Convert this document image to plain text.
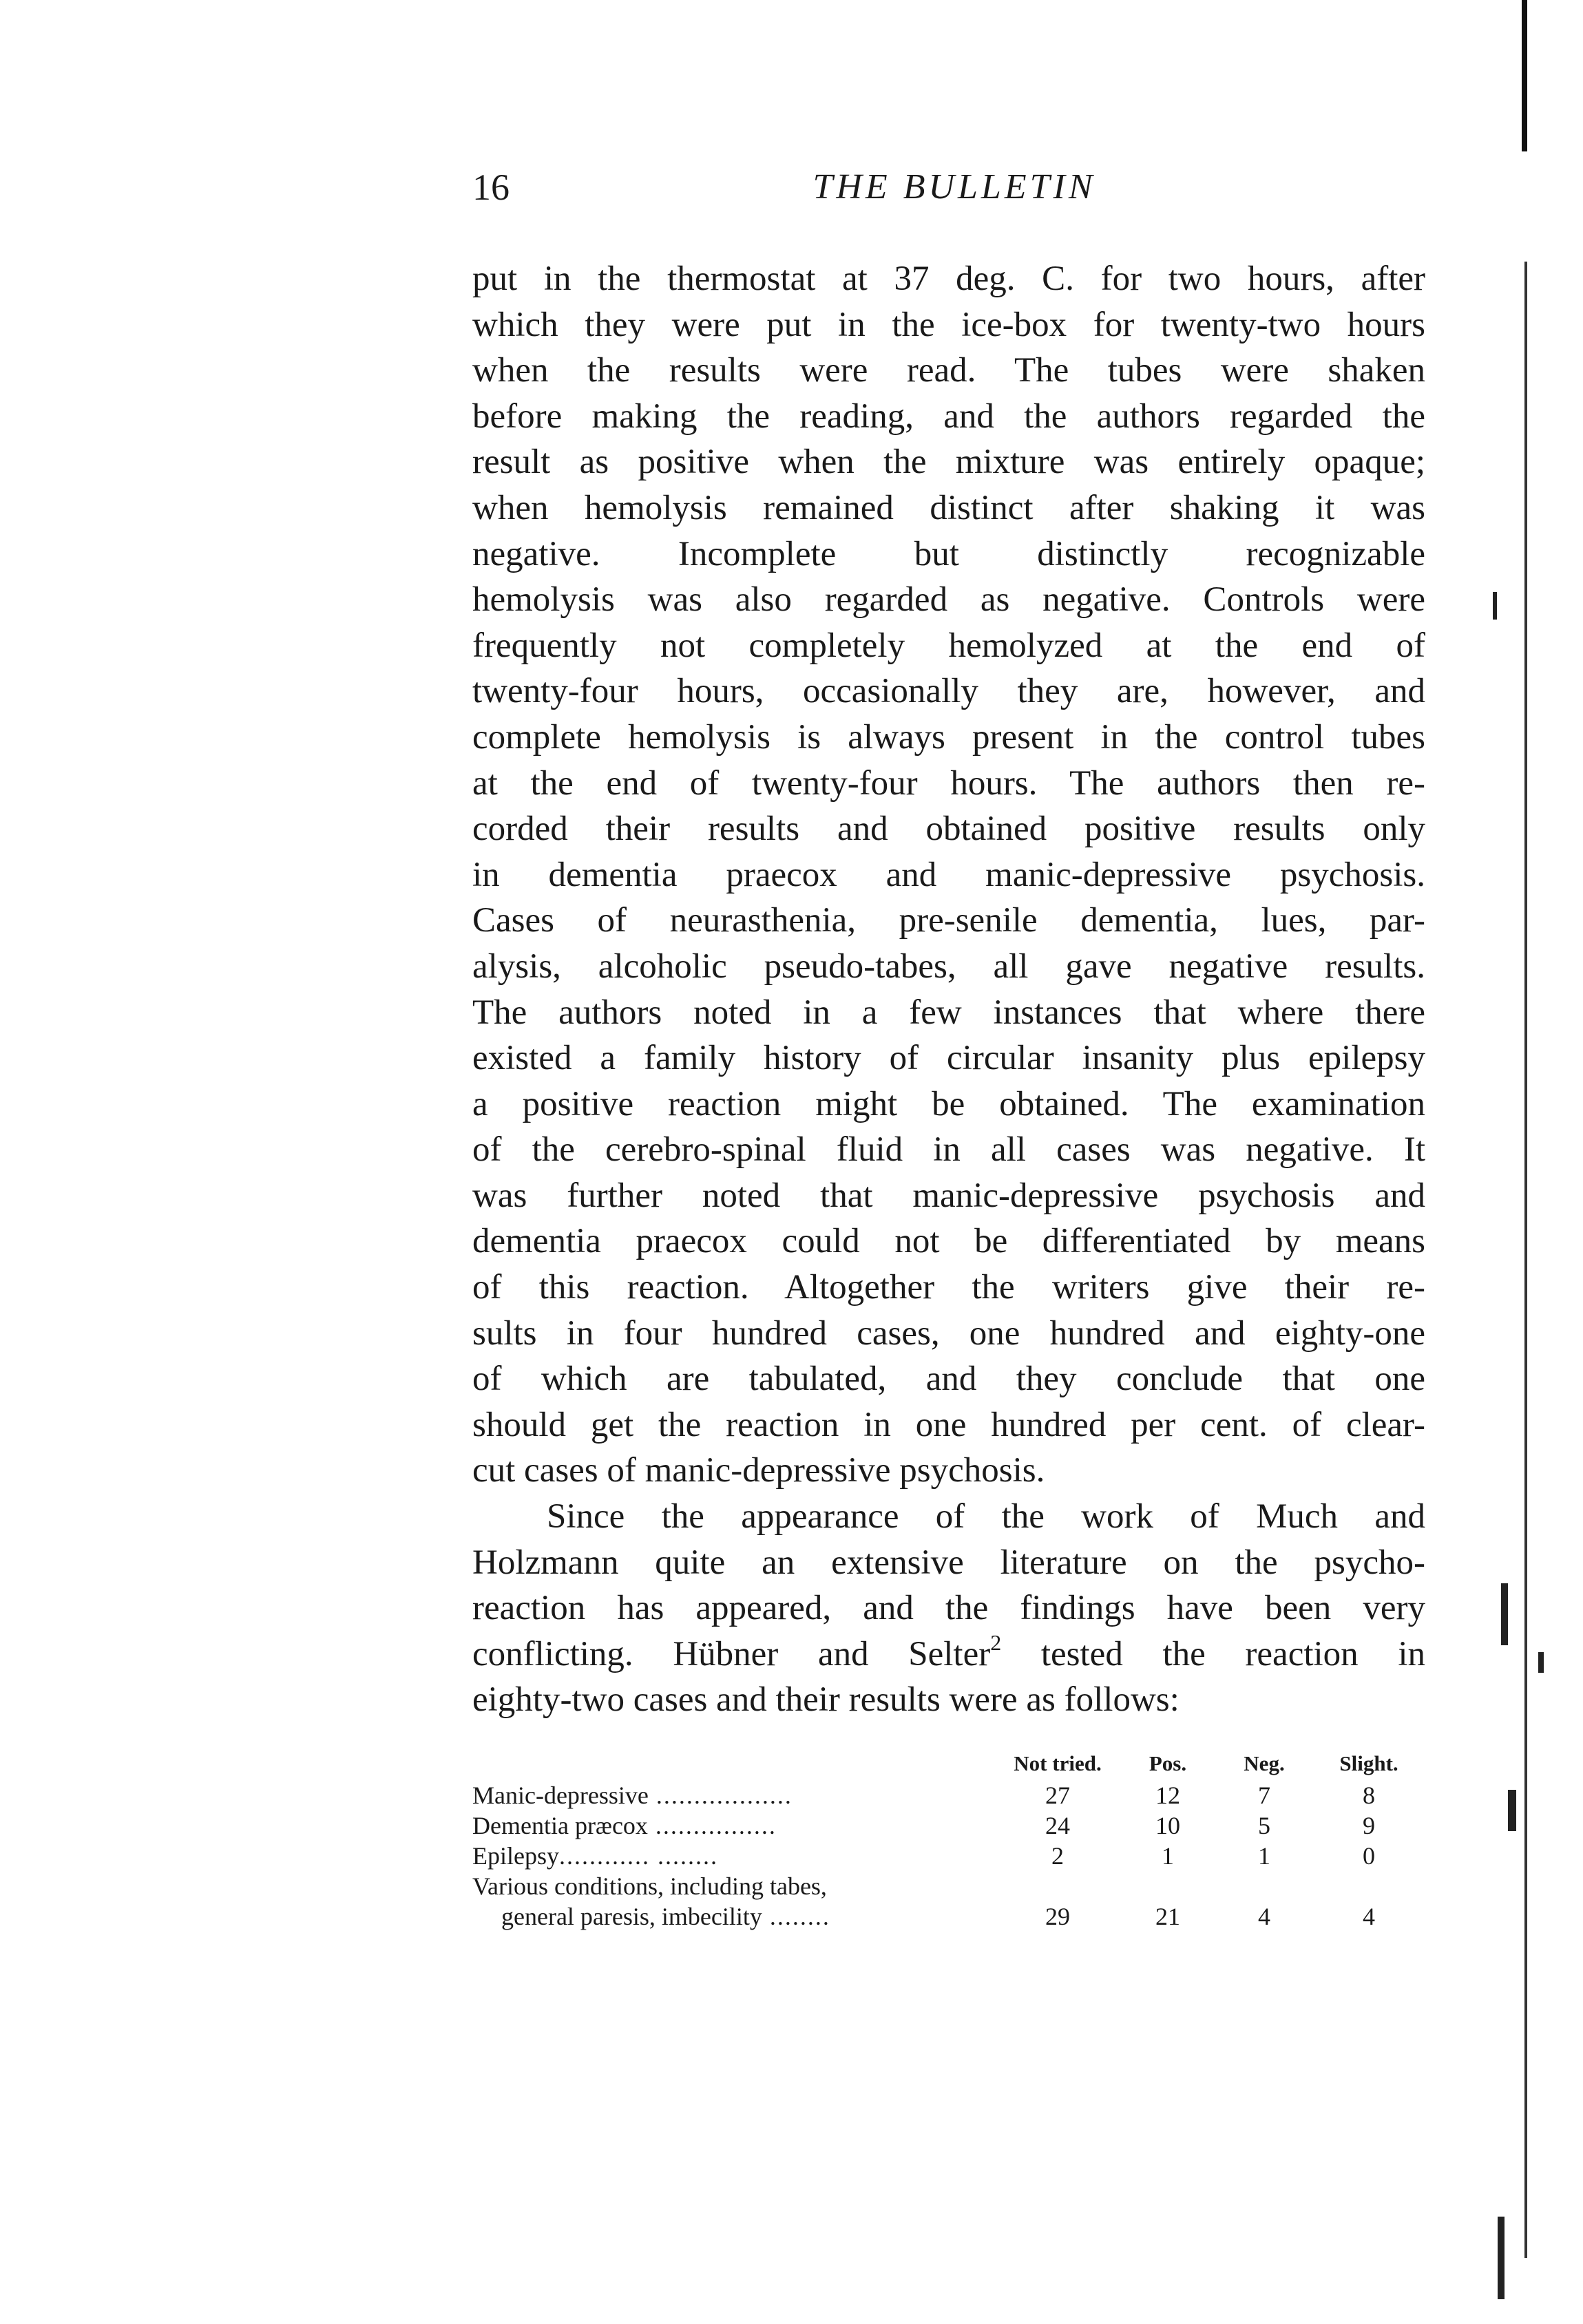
16	THE BULLETIN
put in the thermostat at 37 deg. C. for two hours, after
which they were put in the ice-box for twenty-two hours
when the results were read. The tubes were shaken
before making the reading, and the authors regarded the
result as positive when the mixture was entirely opaque;
when hemolysis remained distinct after shaking it was
negative. Incomplete but distinctly recognizable
hemolysis was also regarded as negative. Controls were
frequently not completely hemolyzed at the end of
twenty-four hours, occasionally they are, however, and
complete hemolysis is always present in the control tubes
at the end of twenty-four hours. The authors then re-
corded their results and obtained positive results only
in dementia praecox and manic-depressive psychosis.
Cases of neurasthenia, pre-senile dementia, lues, par-
alysis, alcoholic pseudo-tabes, all gave negative results.
The authors noted in a few instances that where there
existed a family history of circular insanity plus epilepsy
a positive reaction might be obtained. The examination
of the cerebro-spinal fluid in all cases was negative. It
was further noted that manic-depressive psychosis and
dementia praecox could not be differentiated by means
of this reaction. Altogether the writers give their re-
sults in four hundred cases, one hundred and eighty-one
of which are tabulated, and they conclude that one
should get the reaction in one hundred per cent. of clear-
cut cases of manic-depressive psychosis.
Since the appearance of the work of Much and
Holzmann quite an extensive literature on the psycho-
reaction has appeared, and the findings have been very
conflicting. Hübner and Selter$^2$ tested the reaction in
eighty-two cases and their results were as follows:
	Not tried.	Pos.	Neg.	Slight.
Manic-depressive ..................	27	12	7	8
Dementia præcox ................	24	10	5	9
Epilepsy............ ........	2	1	1	0
Various conditions, including tabes,				
general paresis, imbecility ........	29	21	4	4
